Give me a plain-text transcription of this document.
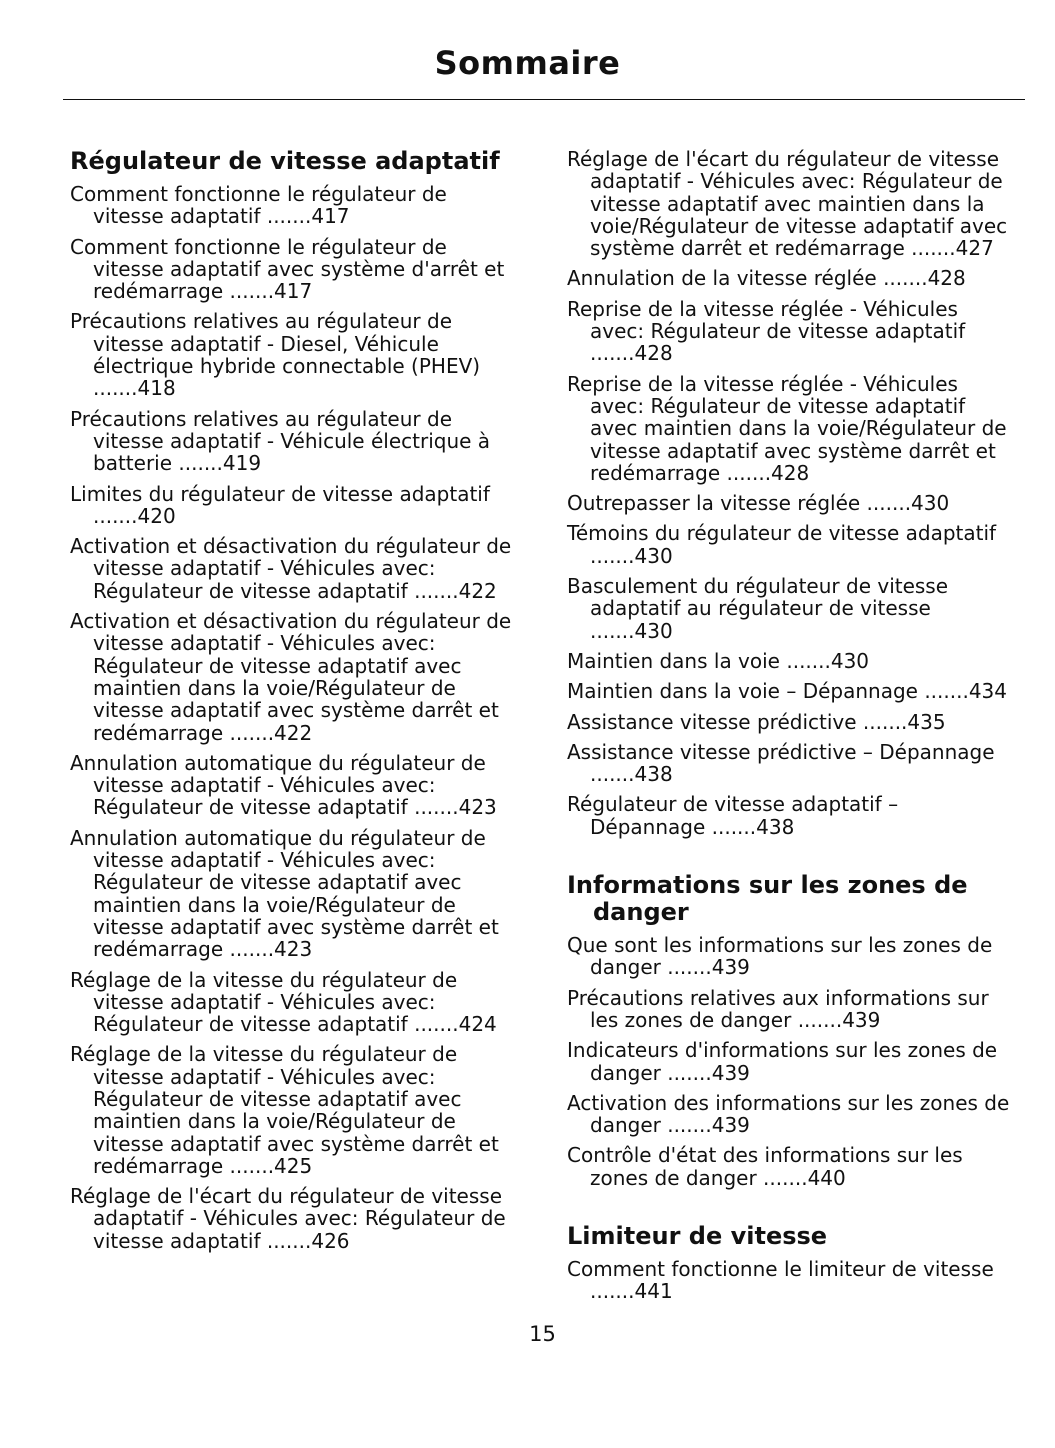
Sommaire
Régulateur de vitesse adaptatif
Comment fonctionne le régulateur de vitesse adaptatif .......417
Comment fonctionne le régulateur de vitesse adaptatif avec système d'arrêt et redémarrage .......417
Précautions relatives au régulateur de vitesse adaptatif - Diesel, Véhicule électrique hybride connectable (PHEV) .......418
Précautions relatives au régulateur de vitesse adaptatif - Véhicule électrique à batterie .......419
Limites du régulateur de vitesse adaptatif .......420
Activation et désactivation du régulateur de vitesse adaptatif - Véhicules avec: Régulateur de vitesse adaptatif .......422
Activation et désactivation du régulateur de vitesse adaptatif - Véhicules avec: Régulateur de vitesse adaptatif avec maintien dans la voie/Régulateur de vitesse adaptatif avec système darrêt et redémarrage .......422
Annulation automatique du régulateur de vitesse adaptatif - Véhicules avec: Régulateur de vitesse adaptatif .......423
Annulation automatique du régulateur de vitesse adaptatif - Véhicules avec: Régulateur de vitesse adaptatif avec maintien dans la voie/Régulateur de vitesse adaptatif avec système darrêt et redémarrage .......423
Réglage de la vitesse du régulateur de vitesse adaptatif - Véhicules avec: Régulateur de vitesse adaptatif .......424
Réglage de la vitesse du régulateur de vitesse adaptatif - Véhicules avec: Régulateur de vitesse adaptatif avec maintien dans la voie/Régulateur de vitesse adaptatif avec système darrêt et redémarrage .......425
Réglage de l'écart du régulateur de vitesse adaptatif - Véhicules avec: Régulateur de vitesse adaptatif .......426
Réglage de l'écart du régulateur de vitesse adaptatif - Véhicules avec: Régulateur de vitesse adaptatif avec maintien dans la voie/Régulateur de vitesse adaptatif avec système darrêt et redémarrage .......427
Annulation de la vitesse réglée .......428
Reprise de la vitesse réglée - Véhicules avec: Régulateur de vitesse adaptatif .......428
Reprise de la vitesse réglée - Véhicules avec: Régulateur de vitesse adaptatif avec maintien dans la voie/Régulateur de vitesse adaptatif avec système darrêt et redémarrage .......428
Outrepasser la vitesse réglée .......430
Témoins du régulateur de vitesse adaptatif .......430
Basculement du régulateur de vitesse adaptatif au régulateur de vitesse .......430
Maintien dans la voie .......430
Maintien dans la voie – Dépannage .......434
Assistance vitesse prédictive .......435
Assistance vitesse prédictive – Dépannage .......438
Régulateur de vitesse adaptatif – Dépannage .......438
Informations sur les zones de danger
Que sont les informations sur les zones de danger .......439
Précautions relatives aux informations sur les zones de danger .......439
Indicateurs d'informations sur les zones de danger .......439
Activation des informations sur les zones de danger .......439
Contrôle d'état des informations sur les zones de danger .......440
Limiteur de vitesse
Comment fonctionne le limiteur de vitesse .......441
15
